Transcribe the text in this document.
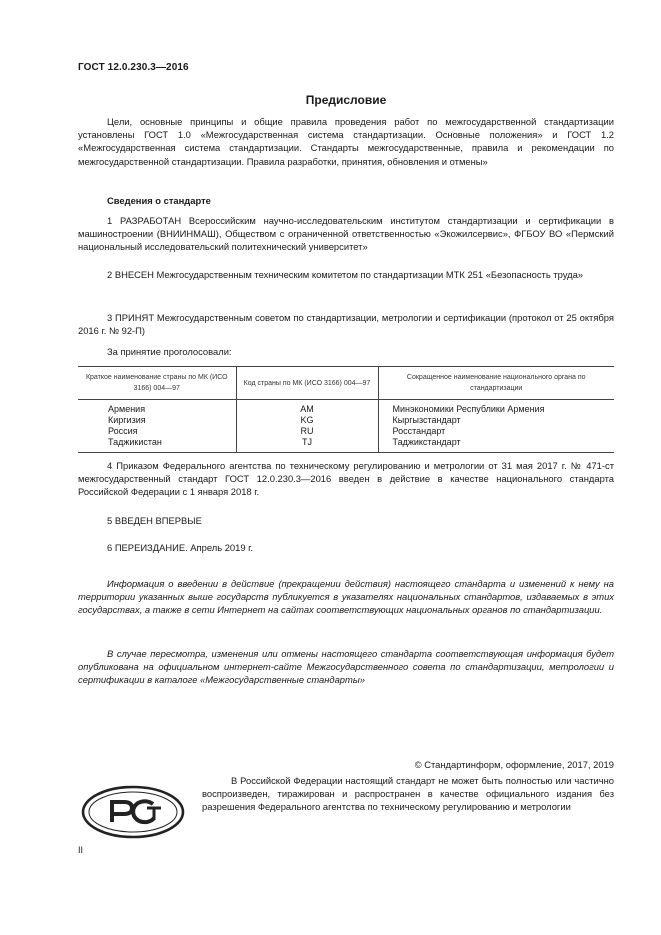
ГОСТ 12.0.230.3—2016
Предисловие
Цели, основные принципы и общие правила проведения работ по межгосударственной стандартизации установлены ГОСТ 1.0 «Межгосударственная система стандартизации. Основные положения» и ГОСТ 1.2 «Межгосударственная система стандартизации. Стандарты межгосударственные, правила и рекомендации по межгосударственной стандартизации. Правила разработки, принятия, обновления и отмены»
Сведения о стандарте
1 РАЗРАБОТАН Всероссийским научно-исследовательским институтом стандартизации и сертификации в машиностроении (ВНИИНМАШ), Обществом с ограниченной ответственностью «Экожилсервис», ФГБОУ ВО «Пермский национальный исследовательский политехнический университет»
2 ВНЕСЕН Межгосударственным техническим комитетом по стандартизации МТК 251 «Безопасность труда»
3 ПРИНЯТ Межгосударственным советом по стандартизации, метрологии и сертификации (протокол от 25 октября 2016 г. № 92-П)
За принятие проголосовали:
Краткое наименование страны по МК (ИСО 3166) 004—97	Код страны по МК (ИСО 3166) 004—97	Сокращенное наименование национального органа по стандартизации
Армения	AM	Минэкономики Республики Армения
Киргизия	KG	Кыргызстандарт
Россия	RU	Росстандарт
Таджикистан	TJ	Таджикстандарт
4 Приказом Федерального агентства по техническому регулированию и метрологии от 31 мая 2017 г. № 471-ст межгосударственный стандарт ГОСТ 12.0.230.3—2016 введен в действие в качестве национального стандарта Российской Федерации с 1 января 2018 г.
5 ВВЕДЕН ВПЕРВЫЕ
6 ПЕРЕИЗДАНИЕ. Апрель 2019 г.
Информация о введении в действие (прекращении действия) настоящего стандарта и изменений к нему на территории указанных выше государств публикуется в указателях национальных стандартов, издаваемых в этих государствах, а также в сети Интернет на сайтах соответствующих национальных органов по стандартизации.
В случае пересмотра, изменения или отмены настоящего стандарта соответствующая информация будет опубликована на официальном интернет-сайте Межгосударственного совета по стандартизации, метрологии и сертификации в каталоге «Межгосударственные стандарты»
© Стандартинформ, оформление, 2017, 2019
В Российской Федерации настоящий стандарт не может быть полностью или частично воспроизведен, тиражирован и распространен в качестве официального издания без разрешения Федерального агентства по техническому регулированию и метрологии
II
